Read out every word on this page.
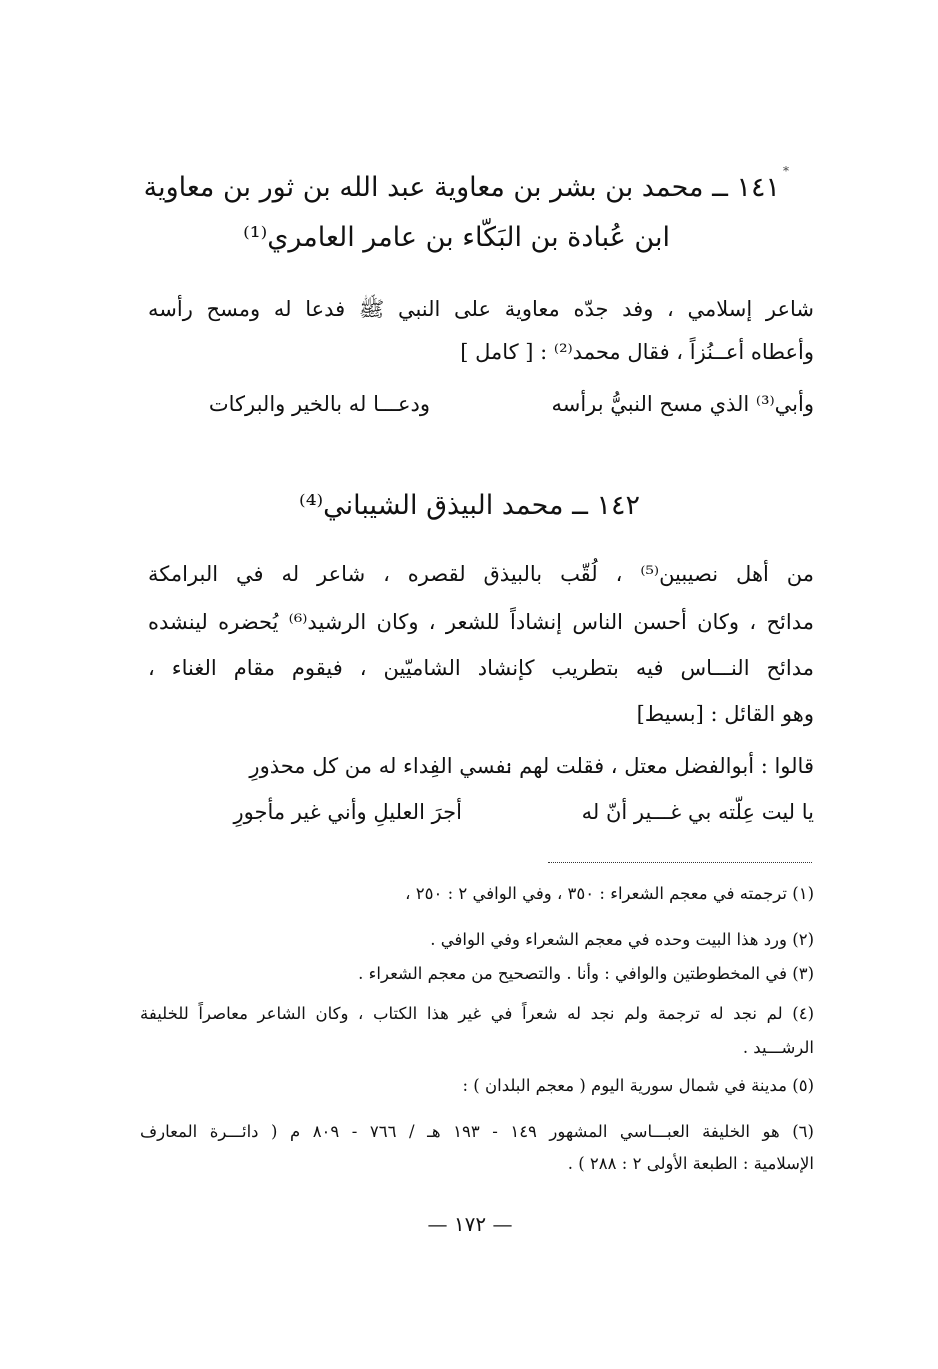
*
١٤١ ــ محمد بن بشر بن معاوية عبد الله بن ثور بن معاوية
ابن عُبادة بن البَكّاء بن عامر العامري⁽¹⁾
شاعر إسلامي ، وفد جدّه معاوية على النبي ﷺ فدعا له ومسح رأسه
وأعطاه أعــنُزاً ، فقال محمد⁽²⁾ : [ كامل ]
وأبي⁽³⁾ الذي مسح النبيُّ برأسه
ودعـــا له بالخير والبركات
١٤٢ ــ محمد البيذق الشيباني⁽⁴⁾
من أهل نصيبين⁽⁵⁾ ، لُقّب بالبيذق لقصره ، شاعر له في البرامكة
مدائح ، وكان أحسن الناس إنشاداً للشعر ، وكان الرشيد⁽⁶⁾ يُحضره لينشده
مدائح النـــاس فيه بتطريب كإنشاد الشاميّين ، فيقوم مقام الغناء ،
وهو القائل : [بسيط]
قالوا : أبوالفضل معتل ، فقلت لهم :
نفسي الفِداء له من كل محذورِ
يا ليت عِلّته بي غـــير أنّ له
أجرَ العليلِ وأني غير مأجورِ
(١) ترجمته في معجم الشعراء : ٣٥٠ ، وفي الوافي ٢ : ٢٥٠ ،
(٢) ورد هذا البيت وحده في معجم الشعراء وفي الوافي .
(٣) في المخطوطتين والوافي : وأنا . والتصحيح من معجم الشعراء .
(٤) لم نجد له ترجمة ولم نجد له شعراً في غير هذا الكتاب ، وكان الشاعر معاصراً للخليفة
الرشـــيد .
(٥) مدينة في شمال سورية اليوم ( معجم البلدان ) :
(٦) هو الخليفة العبـــاسي المشهور ١٤٩ - ١٩٣ هـ / ٧٦٦ - ٨٠٩ م ( دائـــرة المعارف
الإسلامية : الطبعة الأولى ٢ : ٢٨٨ ) .
— ١٧٢ —
